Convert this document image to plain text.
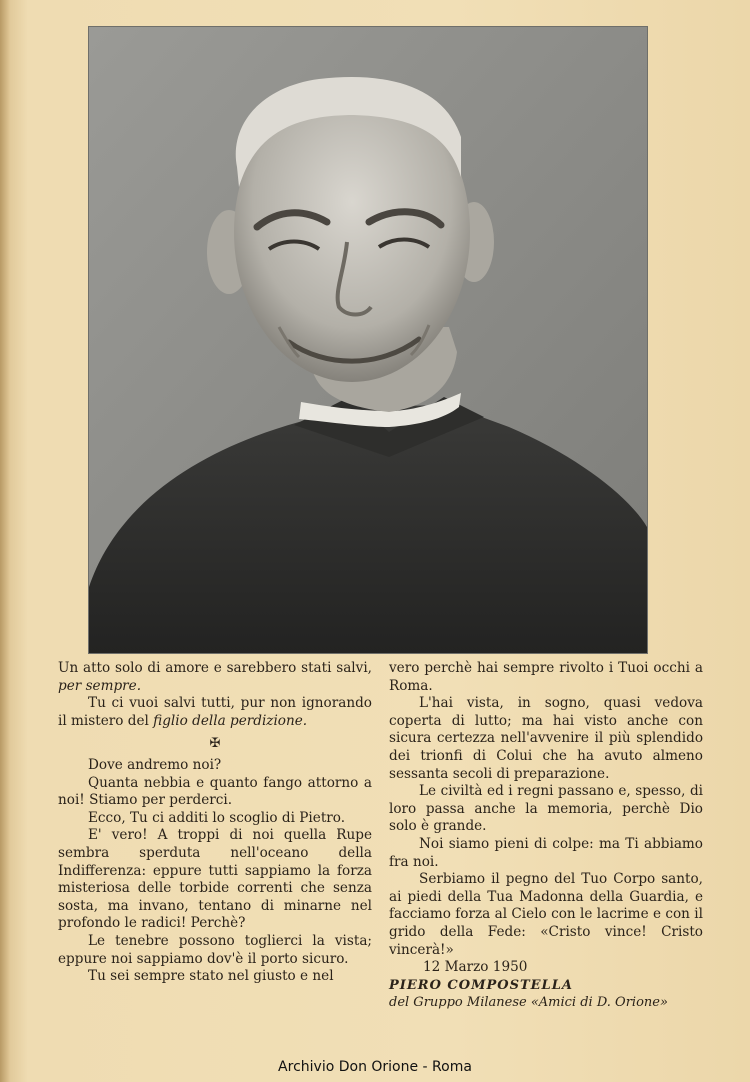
Un atto solo di amore e sarebbero stati salvi, per sempre.

Tu ci vuoi salvi tutti, pur non ignorando il mistero del figlio della perdizione.

✠

Dove andremo noi?

Quanta nebbia e quanto fango attorno a noi! Stiamo per perderci.

Ecco, Tu ci additi lo scoglio di Pietro.

E' vero! A troppi di noi quella Rupe sembra sperduta nell'oceano della Indifferenza: eppure tutti sappiamo la forza misteriosa delle torbide correnti che senza sosta, ma invano, tentano di minarne nel profondo le radici! Perchè?

Le tenebre possono toglierci la vista; eppure noi sappiamo dov'è il porto sicuro.

Tu sei sempre stato nel giusto e nel

vero perchè hai sempre rivolto i Tuoi occhi a Roma.

L'hai vista, in sogno, quasi vedova coperta di lutto; ma hai visto anche con sicura certezza nell'avvenire il più splendido dei trionfi di Colui che ha avuto almeno sessanta secoli di preparazione.

Le civiltà ed i regni passano e, spesso, di loro passa anche la memoria, perchè Dio solo è grande.

Noi siamo pieni di colpe: ma Ti abbiamo fra noi.

Serbiamo il pegno del Tuo Corpo santo, ai piedi della Tua Madonna della Guardia, e facciamo forza al Cielo con le lacrime e con il grido della Fede: «Cristo vince! Cristo vincerà!»

12 Marzo 1950

PIERO COMPOSTELLA

del Gruppo Milanese «Amici di D. Orione»

Archivio Don Orione - Roma
